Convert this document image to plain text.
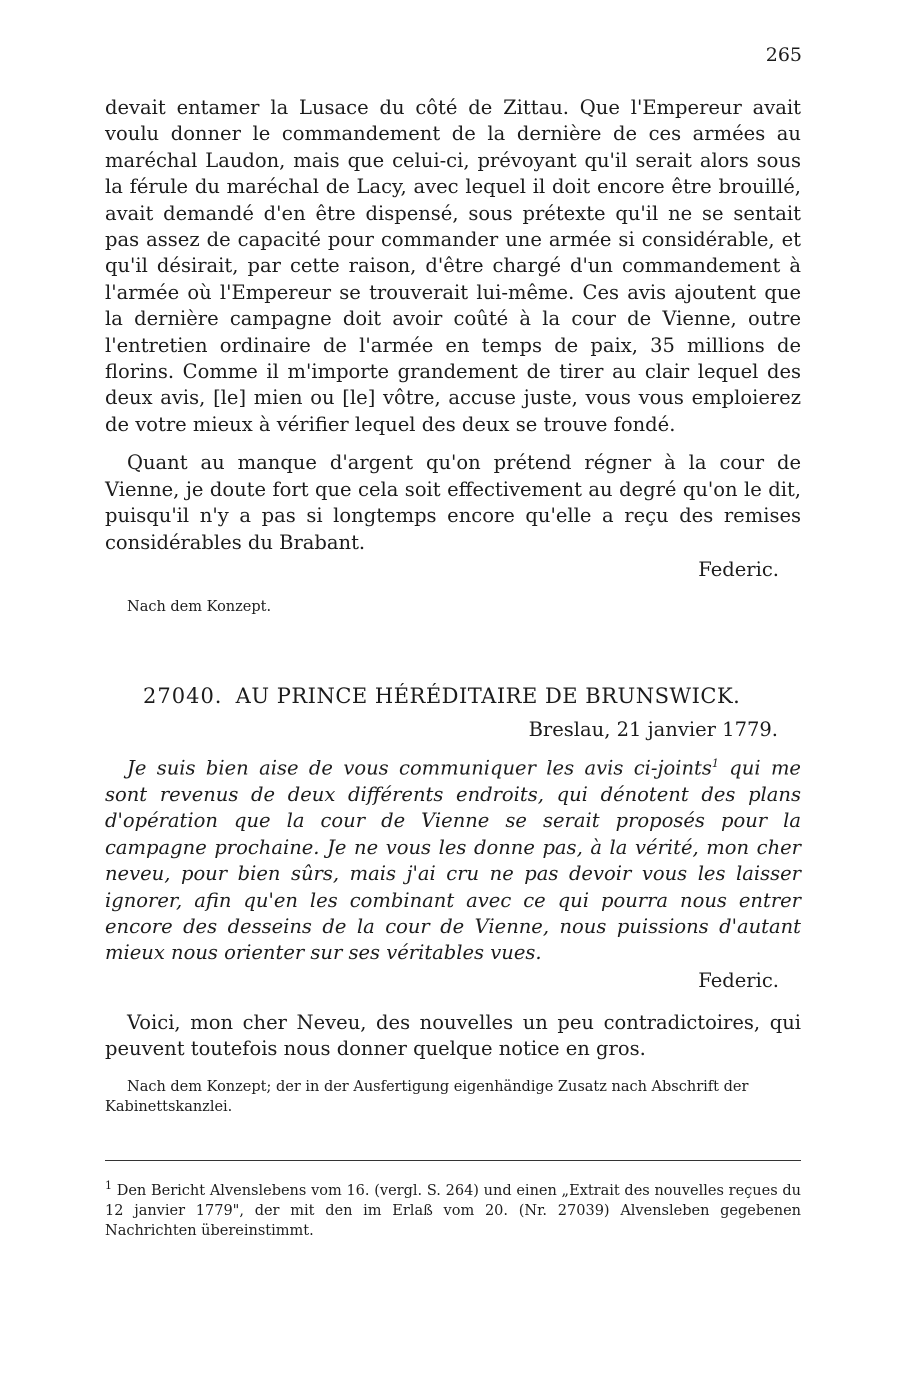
265

devait entamer la Lusace du côté de Zittau. Que l'Empereur avait voulu donner le commandement de la dernière de ces armées au maréchal Laudon, mais que celui-ci, prévoyant qu'il serait alors sous la férule du maréchal de Lacy, avec lequel il doit encore être brouillé, avait demandé d'en être dispensé, sous prétexte qu'il ne se sentait pas assez de capacité pour commander une armée si considérable, et qu'il désirait, par cette raison, d'être chargé d'un commandement à l'armée où l'Empereur se trouverait lui-même. Ces avis ajoutent que la dernière campagne doit avoir coûté à la cour de Vienne, outre l'entretien ordinaire de l'armée en temps de paix, 35 millions de florins. Comme il m'importe grandement de tirer au clair lequel des deux avis, [le] mien ou [le] vôtre, accuse juste, vous vous emploierez de votre mieux à vérifier lequel des deux se trouve fondé.

Quant au manque d'argent qu'on prétend régner à la cour de Vienne, je doute fort que cela soit effectivement au degré qu'on le dit, puisqu'il n'y a pas si longtemps encore qu'elle a reçu des remises considérables du Brabant.

Federic.

Nach dem Konzept.

27040. AU PRINCE HÉRÉDITAIRE DE BRUNSWICK.
Breslau, 21 janvier 1779.

Je suis bien aise de vous communiquer les avis ci-joints$^1$ qui me sont revenus de deux différents endroits, qui dénotent des plans d'opération que la cour de Vienne se serait proposés pour la campagne prochaine. Je ne vous les donne pas, à la vérité, mon cher neveu, pour bien sûrs, mais j'ai cru ne pas devoir vous les laisser ignorer, afin qu'en les combinant avec ce qui pourra nous entrer encore des desseins de la cour de Vienne, nous puissions d'autant mieux nous orienter sur ses véritables vues.

Federic.

Voici, mon cher Neveu, des nouvelles un peu contradictoires, qui peuvent toutefois nous donner quelque notice en gros.

Nach dem Konzept; der in der Ausfertigung eigenhändige Zusatz nach Abschrift der Kabinettskanzlei.

$^1$ Den Bericht Alvenslebens vom 16. (vergl. S. 264) und einen „Extrait des nouvelles reçues du 12 janvier 1779", der mit den im Erlaß vom 20. (Nr. 27039) Alvensleben gegebenen Nachrichten übereinstimmt.
